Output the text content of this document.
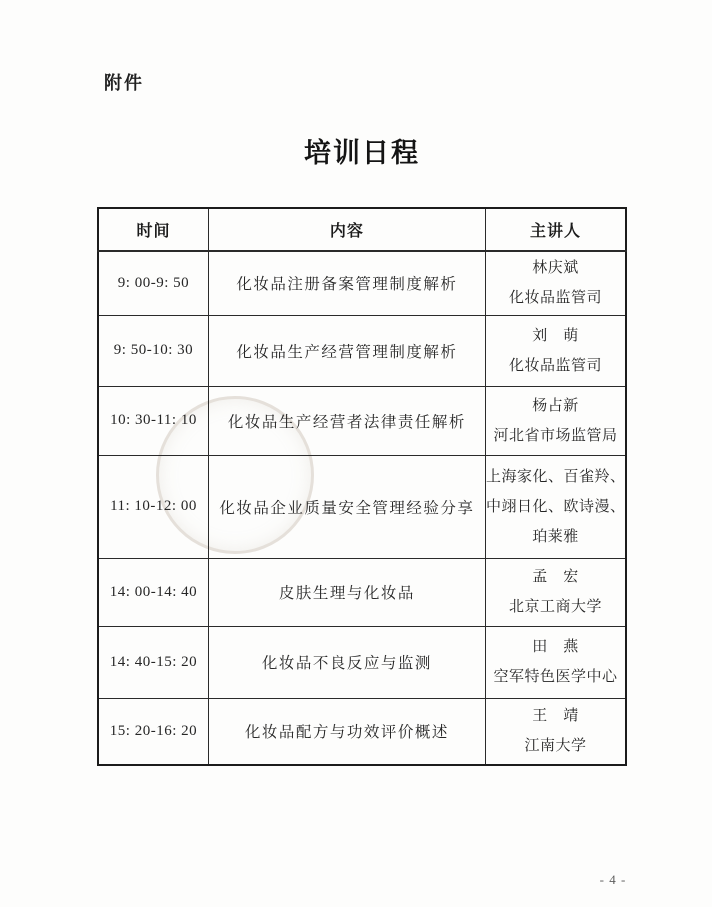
附件
培训日程
时间	内容	主讲人
9: 00-9: 50	化妆品注册备案管理制度解析	林庆斌
化妆品监管司

9: 50-10: 30	化妆品生产经营管理制度解析	刘　萌
化妆品监管司

10: 30-11: 10	化妆品生产经营者法律责任解析	杨占新
河北省市场监管局

11: 10-12: 00	化妆品企业质量安全管理经验分享	上海家化、百雀羚、
中翊日化、欧诗漫、
珀莱雅

14: 00-14: 40	皮肤生理与化妆品	孟　宏
北京工商大学

14: 40-15: 20	化妆品不良反应与监测	田　燕
空军特色医学中心

15: 20-16: 20	化妆品配方与功效评价概述	王　靖
江南大学
- 4 -
